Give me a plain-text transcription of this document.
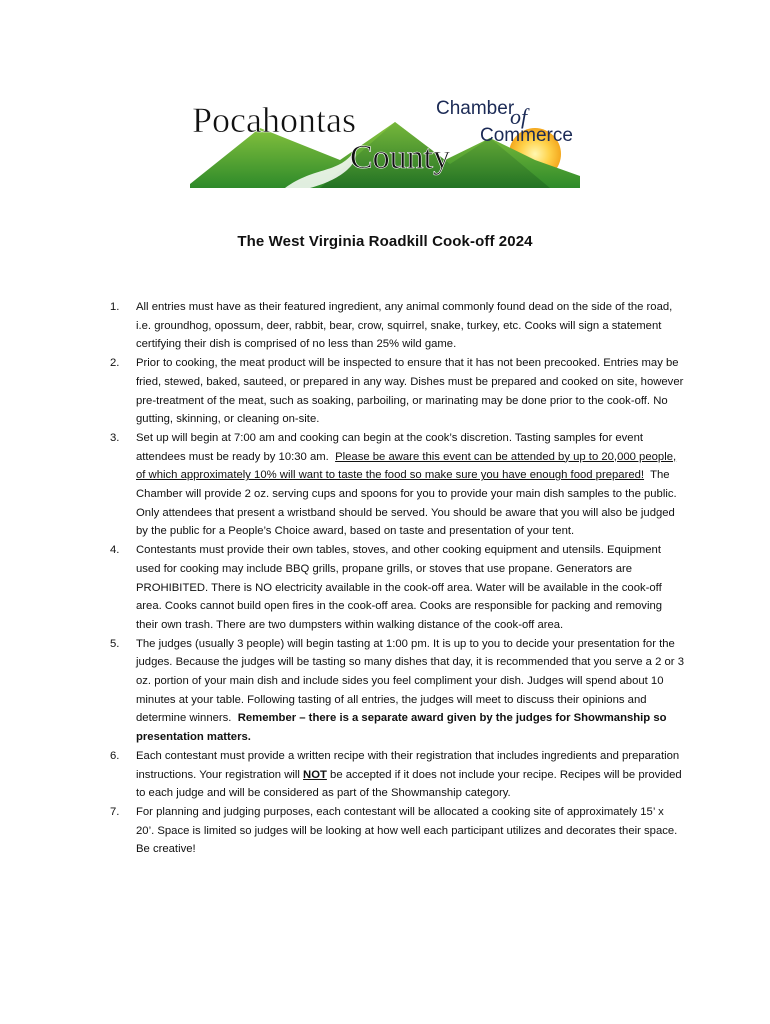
Pocahontas
County
Chamber
of
Commerce
The West Virginia Roadkill Cook-off 2024
1. All entries must have as their featured ingredient, any animal commonly found dead on the side of the road, i.e. groundhog, opossum, deer, rabbit, bear, crow, squirrel, snake, turkey, etc. Cooks will sign a statement certifying their dish is comprised of no less than 25% wild game.
2. Prior to cooking, the meat product will be inspected to ensure that it has not been precooked. Entries may be fried, stewed, baked, sauteed, or prepared in any way. Dishes must be prepared and cooked on site, however pre-treatment of the meat, such as soaking, parboiling, or marinating may be done prior to the cook-off. No gutting, skinning, or cleaning on-site.
3. Set up will begin at 7:00 am and cooking can begin at the cook’s discretion. Tasting samples for event attendees must be ready by 10:30 am. Please be aware this event can be attended by up to 20,000 people, of which approximately 10% will want to taste the food so make sure you have enough food prepared! The Chamber will provide 2 oz. serving cups and spoons for you to provide your main dish samples to the public. Only attendees that present a wristband should be served. You should be aware that you will also be judged by the public for a People’s Choice award, based on taste and presentation of your tent.
4. Contestants must provide their own tables, stoves, and other cooking equipment and utensils. Equipment used for cooking may include BBQ grills, propane grills, or stoves that use propane. Generators are PROHIBITED. There is NO electricity available in the cook-off area. Water will be available in the cook-off area. Cooks cannot build open fires in the cook-off area. Cooks are responsible for packing and removing their own trash. There are two dumpsters within walking distance of the cook-off area.
5. The judges (usually 3 people) will begin tasting at 1:00 pm. It is up to you to decide your presentation for the judges. Because the judges will be tasting so many dishes that day, it is recommended that you serve a 2 or 3 oz. portion of your main dish and include sides you feel compliment your dish. Judges will spend about 10 minutes at your table. Following tasting of all entries, the judges will meet to discuss their opinions and determine winners. Remember – there is a separate award given by the judges for Showmanship so presentation matters.
6. Each contestant must provide a written recipe with their registration that includes ingredients and preparation instructions. Your registration will NOT be accepted if it does not include your recipe. Recipes will be provided to each judge and will be considered as part of the Showmanship category.
7. For planning and judging purposes, each contestant will be allocated a cooking site of approximately 15’ x 20’. Space is limited so judges will be looking at how well each participant utilizes and decorates their space. Be creative!
